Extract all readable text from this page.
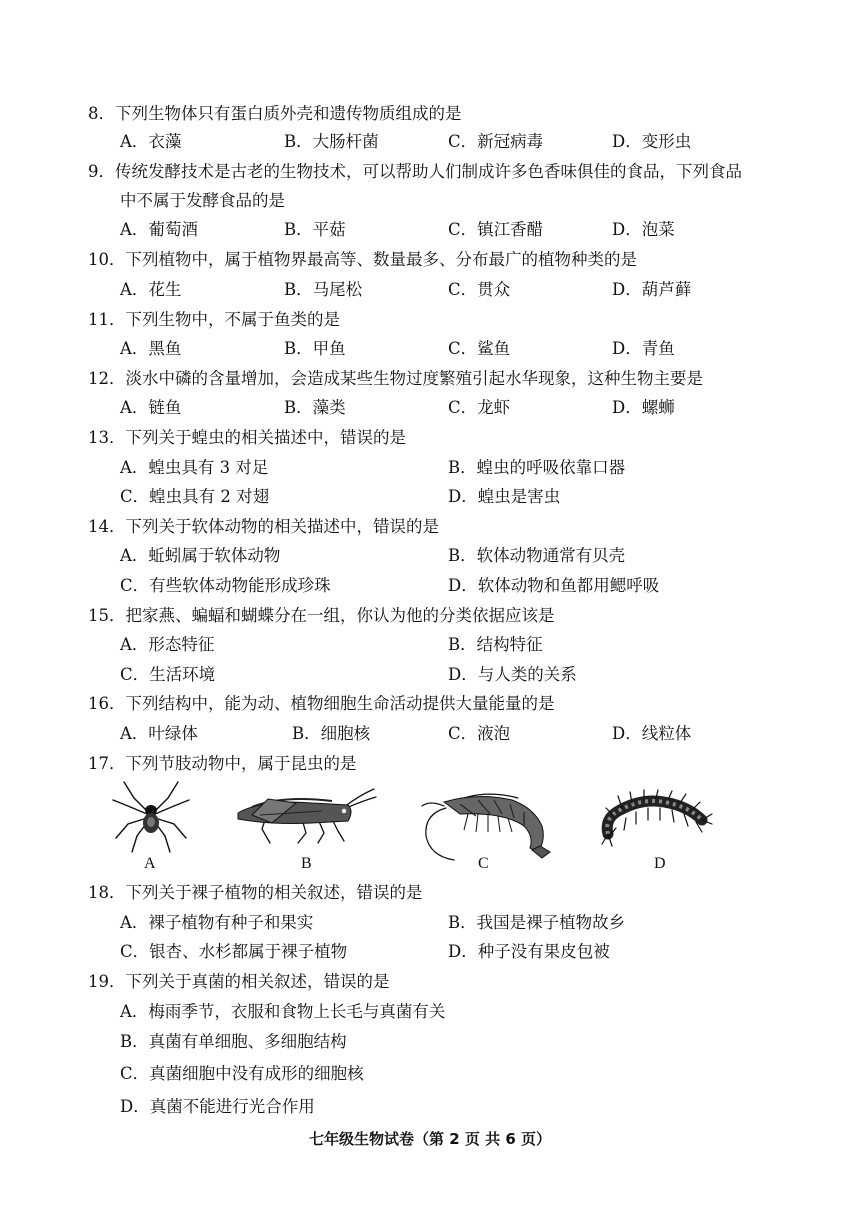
8．下列生物体只有蛋白质外壳和遗传物质组成的是
A．衣藻	B．大肠杆菌	C．新冠病毒	D．变形虫
9．传统发酵技术是古老的生物技术，可以帮助人们制成许多色香味俱佳的食品，下列食品
中不属于发酵食品的是
A．葡萄酒	B．平菇	C．镇江香醋	D．泡菜
10．下列植物中，属于植物界最高等、数量最多、分布最广的植物种类的是
A．花生	B．马尾松	C．贯众	D．葫芦藓
11．下列生物中，不属于鱼类的是
A．黑鱼	B．甲鱼	C．鲨鱼	D．青鱼
12．淡水中磷的含量增加，会造成某些生物过度繁殖引起水华现象，这种生物主要是
A．链鱼	B．藻类	C．龙虾	D．螺蛳
13．下列关于蝗虫的相关描述中，错误的是
A．蝗虫具有 3 对足	B．蝗虫的呼吸依靠口器
C．蝗虫具有 2 对翅	D．蝗虫是害虫
14．下列关于软体动物的相关描述中，错误的是
A．蚯蚓属于软体动物	B．软体动物通常有贝壳
C．有些软体动物能形成珍珠	D．软体动物和鱼都用鳃呼吸
15．把家燕、蝙蝠和蝴蝶分在一组，你认为他的分类依据应该是
A．形态特征	B．结构特征
C．生活环境	D．与人类的关系
16．下列结构中，能为动、植物细胞生命活动提供大量能量的是
A．叶绿体	B．细胞核	C．液泡	D．线粒体
17．下列节肢动物中，属于昆虫的是
A	B	C	D
18．下列关于裸子植物的相关叙述，错误的是
A．裸子植物有种子和果实	B．我国是裸子植物故乡
C．银杏、水杉都属于裸子植物	D．种子没有果皮包被
19．下列关于真菌的相关叙述，错误的是
A．梅雨季节，衣服和食物上长毛与真菌有关
B．真菌有单细胞、多细胞结构
C．真菌细胞中没有成形的细胞核
D．真菌不能进行光合作用
七年级生物试卷（第 2 页 共 6 页）
